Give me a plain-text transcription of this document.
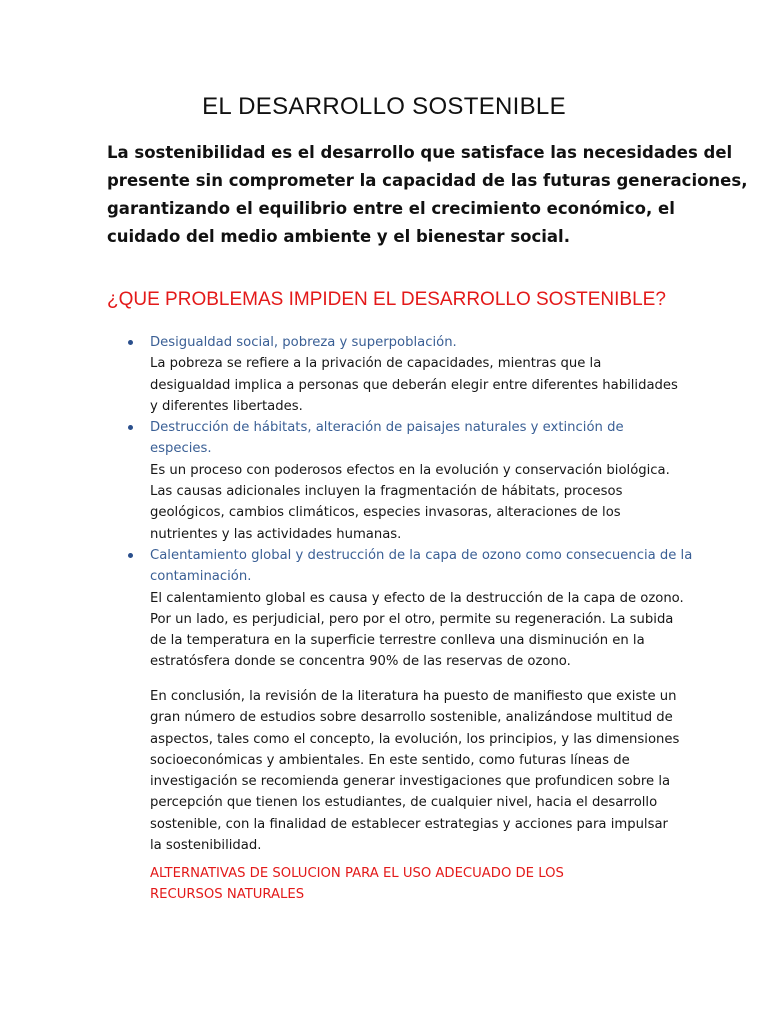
EL DESARROLLO SOSTENIBLE
La sostenibilidad es el desarrollo que satisface las necesidades del
presente sin comprometer la capacidad de las futuras generaciones,
garantizando el equilibrio entre el crecimiento económico, el
cuidado del medio ambiente y el bienestar social.
¿QUE PROBLEMAS IMPIDEN EL DESARROLLO SOSTENIBLE?
Desigualdad social, pobreza y superpoblación.
La pobreza se refiere a la privación de capacidades, mientras que la
desigualdad implica a personas que deberán elegir entre diferentes habilidades
y diferentes libertades.
Destrucción de hábitats, alteración de paisajes naturales y extinción de
especies.
Es un proceso con poderosos efectos en la evolución y conservación biológica.
Las causas adicionales incluyen la fragmentación de hábitats, procesos
geológicos, cambios climáticos, especies invasoras, alteraciones de los
nutrientes y las actividades humanas.
Calentamiento global y destrucción de la capa de ozono como consecuencia de la
contaminación.
El calentamiento global es causa y efecto de la destrucción de la capa de ozono.
Por un lado, es perjudicial, pero por el otro, permite su regeneración. La subida
de la temperatura en la superficie terrestre conlleva una disminución en la
estratósfera donde se concentra 90% de las reservas de ozono.
En conclusión, la revisión de la literatura ha puesto de manifiesto que existe un
gran número de estudios sobre desarrollo sostenible, analizándose multitud de
aspectos, tales como el concepto, la evolución, los principios, y las dimensiones
socioeconómicas y ambientales. En este sentido, como futuras líneas de
investigación se recomienda generar investigaciones que profundicen sobre la
percepción que tienen los estudiantes, de cualquier nivel, hacia el desarrollo
sostenible, con la finalidad de establecer estrategias y acciones para impulsar
la sostenibilidad.
ALTERNATIVAS DE SOLUCION PARA EL USO ADECUADO DE LOS
RECURSOS NATURALES
